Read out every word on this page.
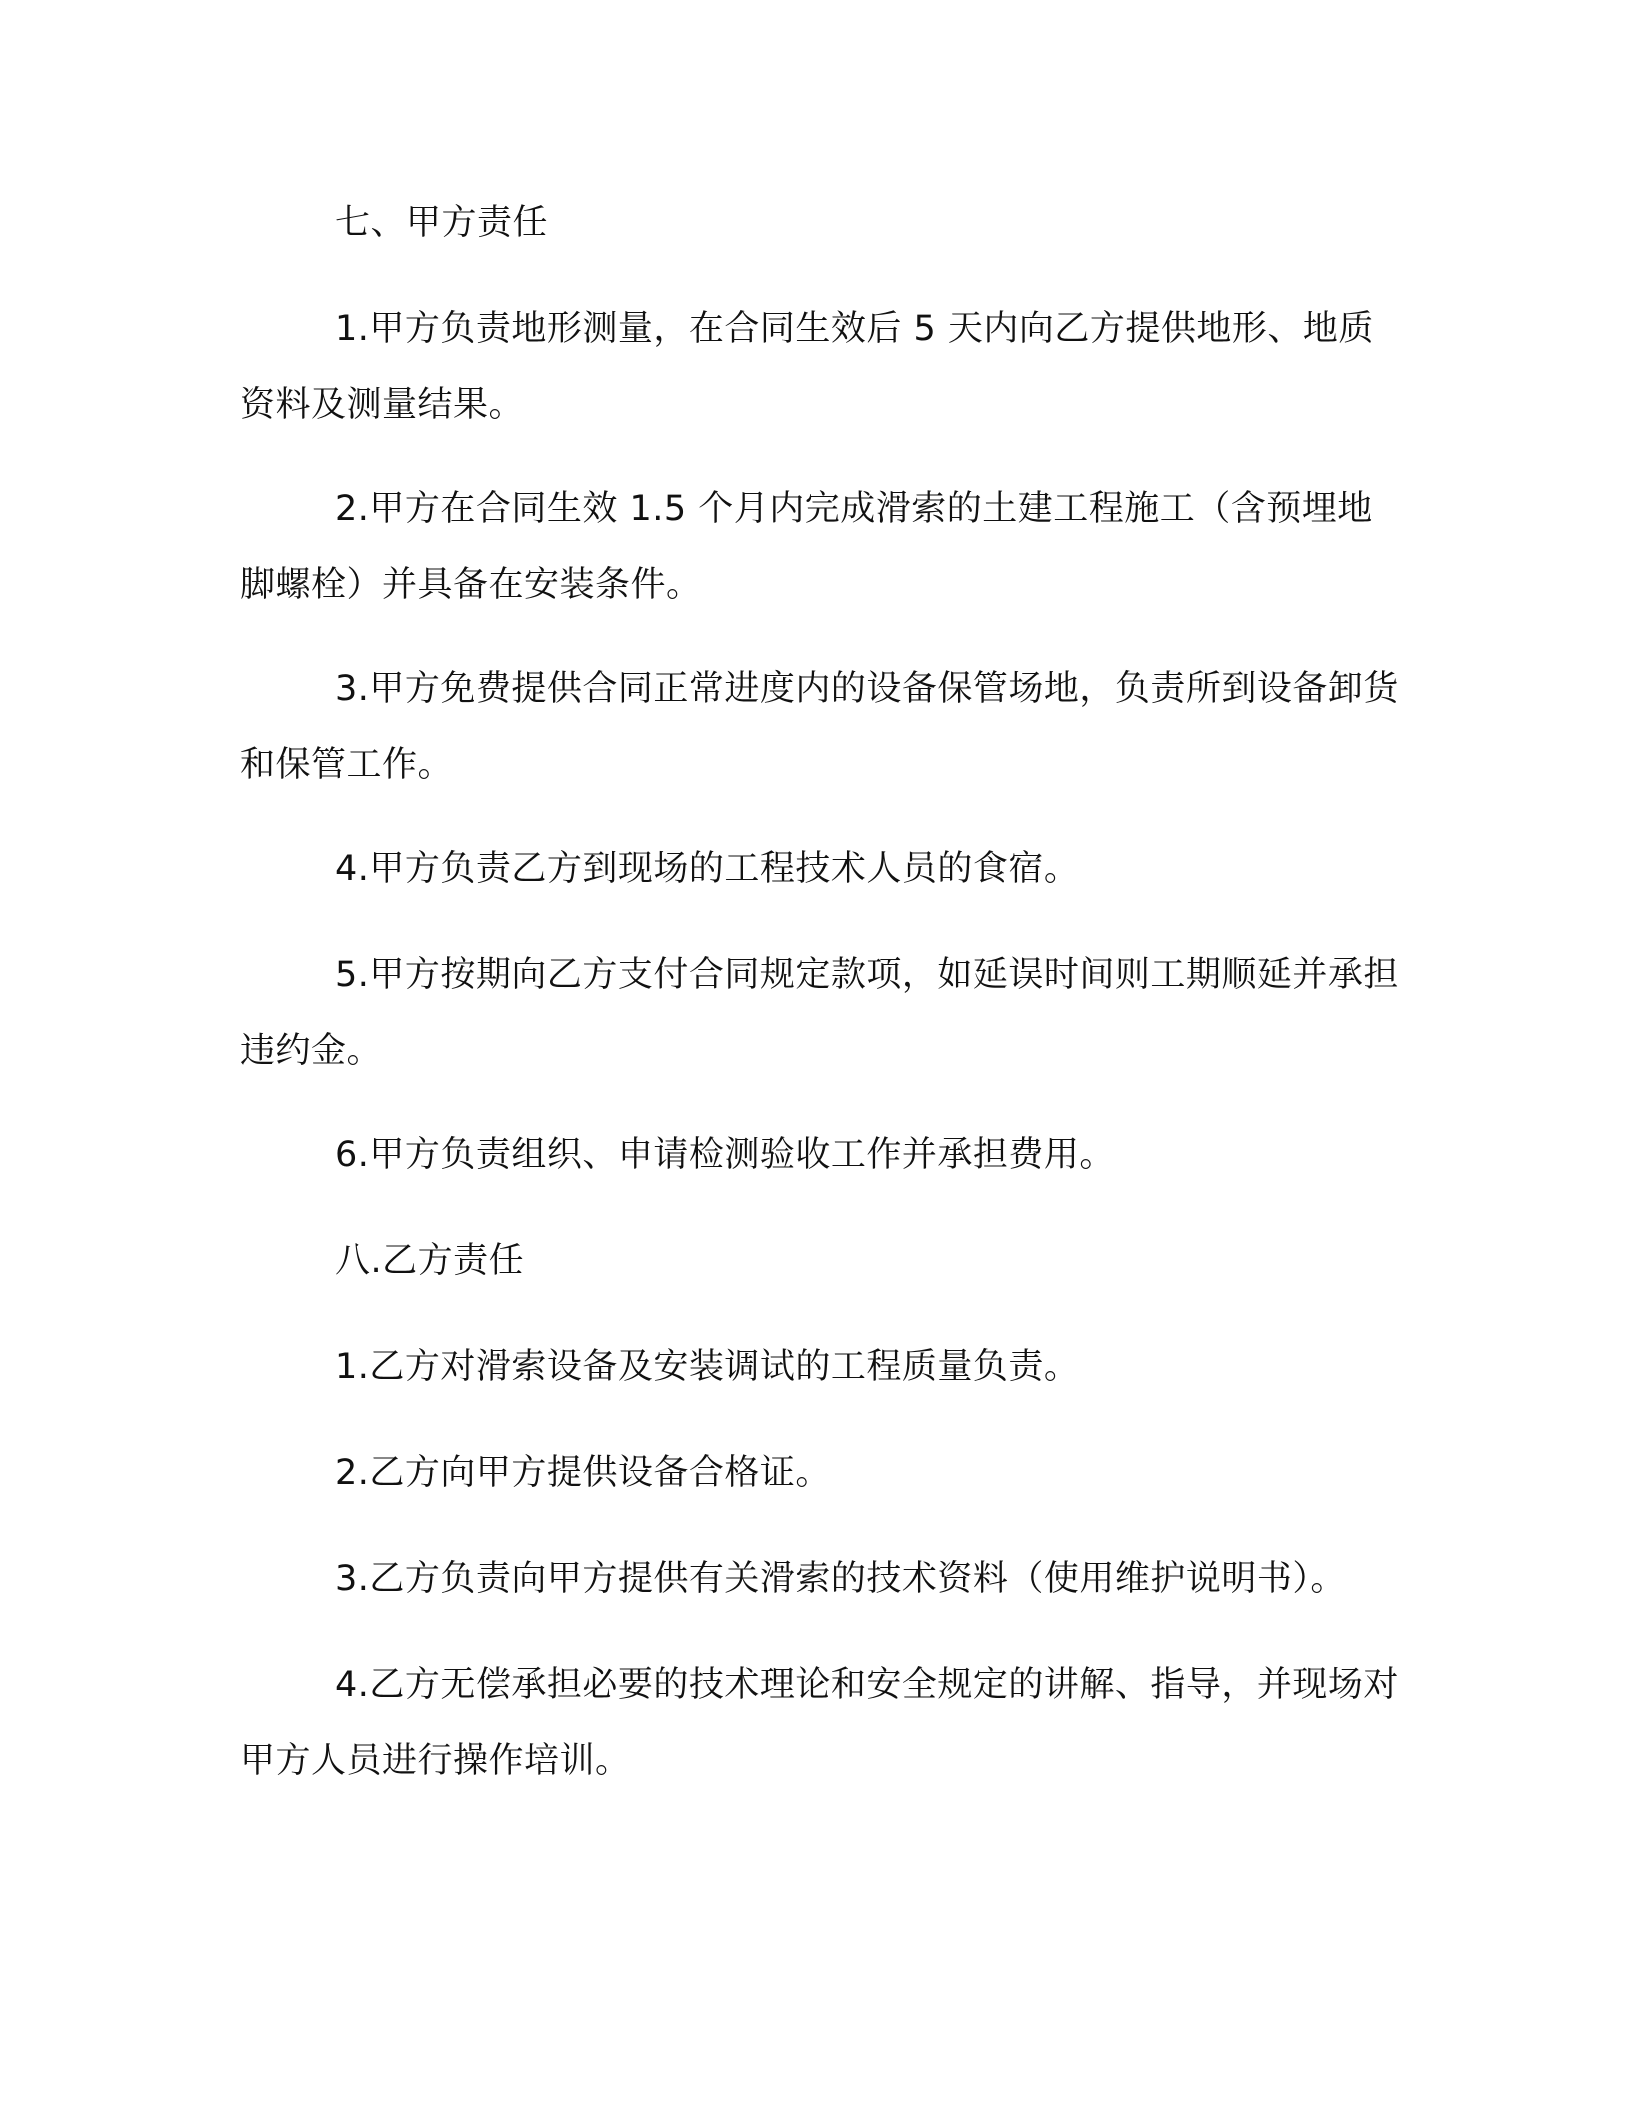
七、甲方责任

1.甲方负责地形测量，在合同生效后 5 天内向乙方提供地形、地质资料及测量结果。

2.甲方在合同生效 1.5 个月内完成滑索的土建工程施工（含预埋地脚螺栓）并具备在安装条件。

3.甲方免费提供合同正常进度内的设备保管场地，负责所到设备卸货和保管工作。

4.甲方负责乙方到现场的工程技术人员的食宿。

5.甲方按期向乙方支付合同规定款项，如延误时间则工期顺延并承担违约金。

6.甲方负责组织、申请检测验收工作并承担费用。

八.乙方责任

1.乙方对滑索设备及安装调试的工程质量负责。

2.乙方向甲方提供设备合格证。

3.乙方负责向甲方提供有关滑索的技术资料（使用维护说明书）。

4.乙方无偿承担必要的技术理论和安全规定的讲解、指导，并现场对甲方人员进行操作培训。
